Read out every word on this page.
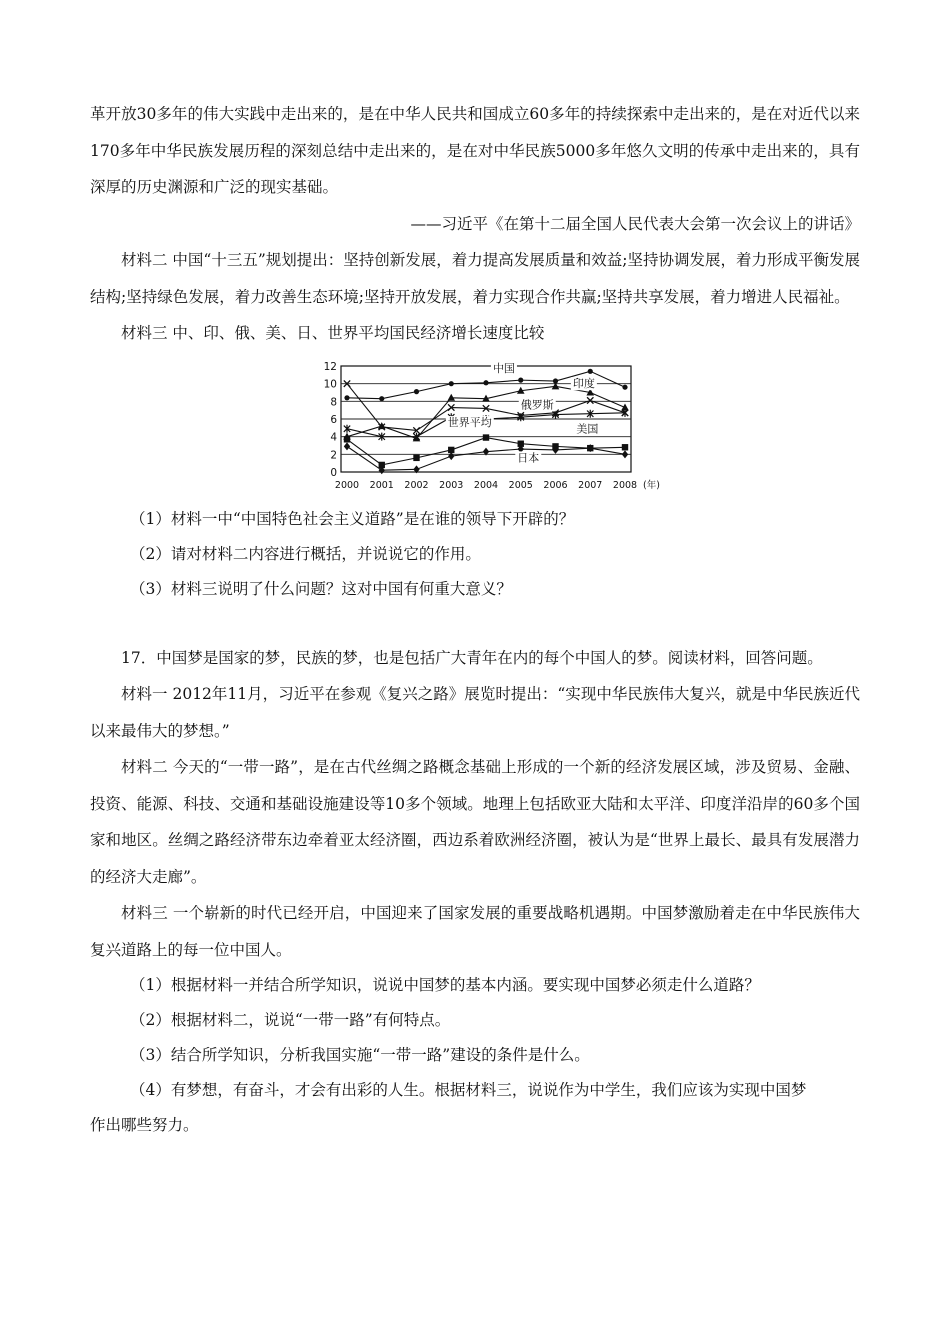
革开放30多年的伟大实践中走出来的，是在中华人民共和国成立60多年的持续探索中走出来的，是在对近代以来170多年中华民族发展历程的深刻总结中走出来的，是在对中华民族5000多年悠久文明的传承中走出来的，具有深厚的历史渊源和广泛的现实基础。

——习近平《在第十二届全国人民代表大会第一次会议上的讲话》

材料二 中国“十三五”规划提出：坚持创新发展，着力提高发展质量和效益;坚持协调发展，着力形成平衡发展结构;坚持绿色发展，着力改善生态环境;坚持开放发展，着力实现合作共赢;坚持共享发展，着力增进人民福祉。

材料三 中、印、俄、美、日、世界平均国民经济增长速度比较

0
2
4
6
8
10
12
2000 2001 2002 2003 2004 2005 2006 2007 2008 (年)
中国
印度
俄罗斯
世界平均	美国
日本

（1）材料一中“中国特色社会主义道路”是在谁的领导下开辟的？

（2）请对材料二内容进行概括，并说说它的作用。

（3）材料三说明了什么问题？这对中国有何重大意义？

17．中国梦是国家的梦，民族的梦，也是包括广大青年在内的每个中国人的梦。阅读材料，回答问题。

材料一 2012年11月，习近平在参观《复兴之路》展览时提出：“实现中华民族伟大复兴，就是中华民族近代以来最伟大的梦想。”

材料二 今天的“一带一路”，是在古代丝绸之路概念基础上形成的一个新的经济发展区域，涉及贸易、金融、投资、能源、科技、交通和基础设施建设等10多个领域。地理上包括欧亚大陆和太平洋、印度洋沿岸的60多个国家和地区。丝绸之路经济带东边牵着亚太经济圈，西边系着欧洲经济圈，被认为是“世界上最长、最具有发展潜力的经济大走廊”。

材料三 一个崭新的时代已经开启，中国迎来了国家发展的重要战略机遇期。中国梦激励着走在中华民族伟大复兴道路上的每一位中国人。

（1）根据材料一并结合所学知识，说说中国梦的基本内涵。要实现中国梦必须走什么道路？

（2）根据材料二，说说“一带一路”有何特点。

（3）结合所学知识，分析我国实施“一带一路”建设的条件是什么。

（4）有梦想，有奋斗，才会有出彩的人生。根据材料三，说说作为中学生，我们应该为实现中国梦

作出哪些努力。
